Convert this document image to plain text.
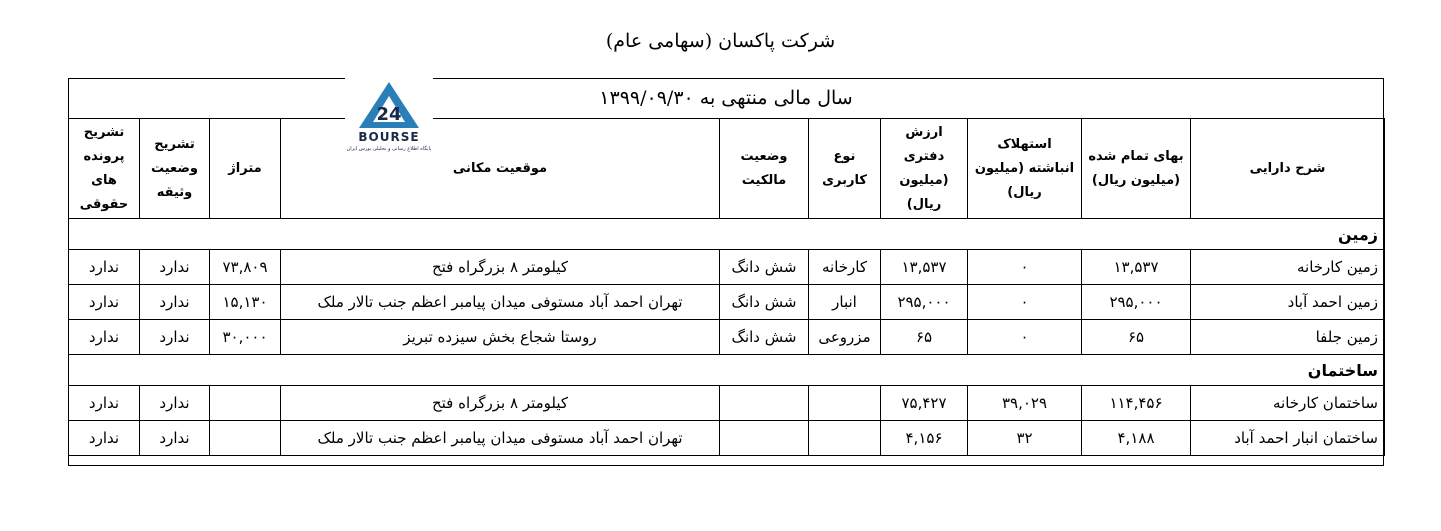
شرکت پاکسان (سهامی عام)
سال مالی منتهی به ۱۳۹۹/۰۹/۳۰
شرح دارایی	بهای تمام شده (میلیون ریال)	استهلاک انباشته (میلیون ریال)	ارزش دفتری (میلیون ریال)	نوع کاربری	وضعیت مالکیت	موقعیت مکانی	متراژ	تشریح وضعیت وثیقه	تشریح پرونده های حقوقی
زمین									
زمین کارخانه	۱۳,۵۳۷	۰	۱۳,۵۳۷	کارخانه	شش دانگ	کیلومتر ۸ بزرگراه فتح	۷۳,۸۰۹	ندارد	ندارد
زمین احمد آباد	۲۹۵,۰۰۰	۰	۲۹۵,۰۰۰	انبار	شش دانگ	تهران احمد آباد مستوفی میدان پیامبر اعظم جنب تالار ملک	۱۵,۱۳۰	ندارد	ندارد
زمین جلفا	۶۵	۰	۶۵	مزروعی	شش دانگ	روستا شجاع بخش سیزده تبریز	۳۰,۰۰۰	ندارد	ندارد
ساختمان									
ساختمان کارخانه	۱۱۴,۴۵۶	۳۹,۰۲۹	۷۵,۴۲۷			کیلومتر ۸ بزرگراه فتح		ندارد	ندارد
ساختمان انبار احمد آباد	۴,۱۸۸	۳۲	۴,۱۵۶			تهران احمد آباد مستوفی میدان پیامبر اعظم جنب تالار ملک		ندارد	ندارد
24
BOURSE
پایگاه اطلاع رسانی و تحلیلی بورس ایران
